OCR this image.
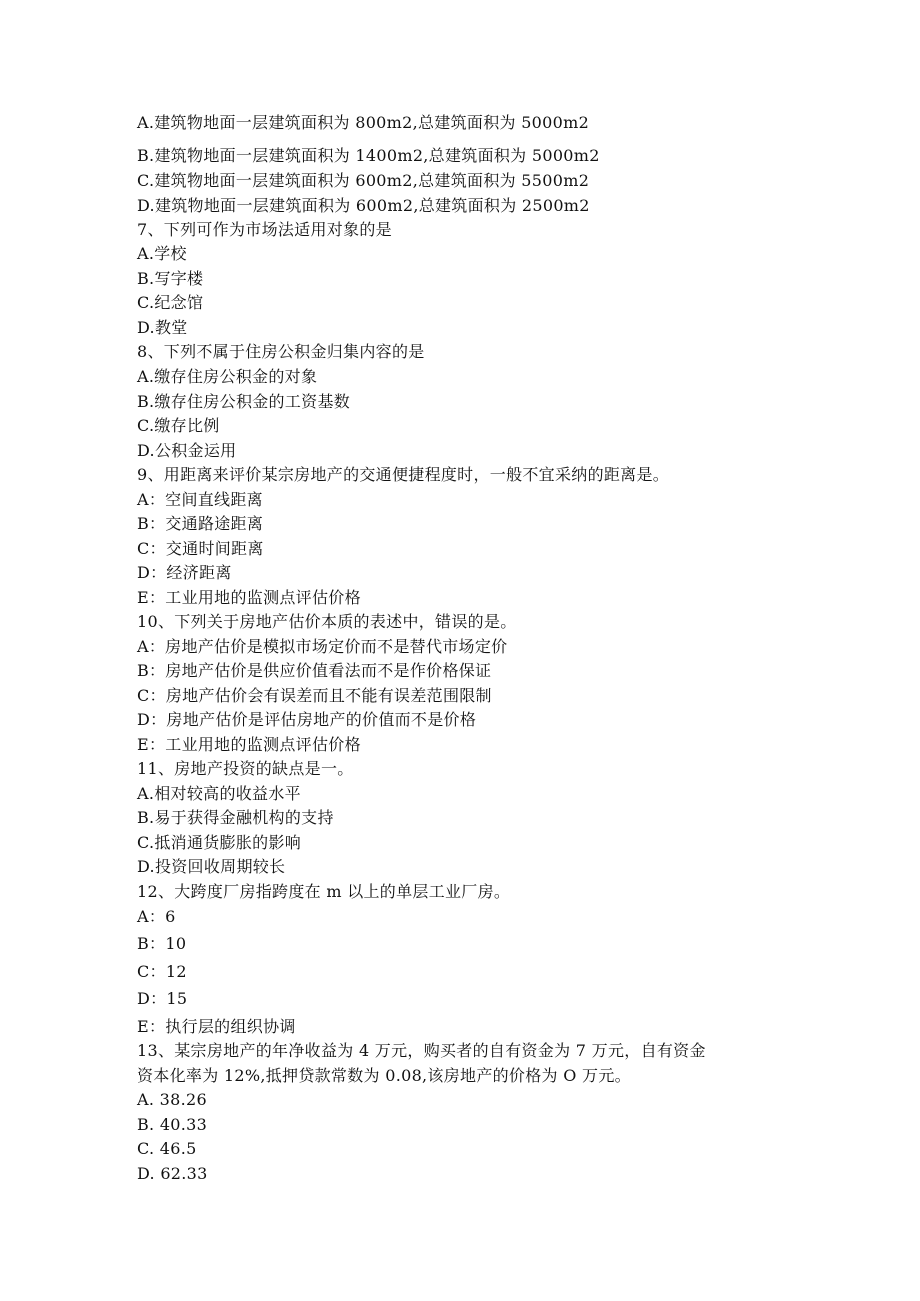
A.建筑物地面一层建筑面积为 800m2,总建筑面积为 5000m2
B.建筑物地面一层建筑面积为 1400m2,总建筑面积为 5000m2
C.建筑物地面一层建筑面积为 600m2,总建筑面积为 5500m2
D.建筑物地面一层建筑面积为 600m2,总建筑面积为 2500m2
7、下列可作为市场法适用对象的是
A.学校
B.写字楼
C.纪念馆
D.教堂
8、下列不属于住房公积金归集内容的是
A.缴存住房公积金的对象
B.缴存住房公积金的工资基数
C.缴存比例
D.公积金运用
9、用距离来评价某宗房地产的交通便捷程度时，一般不宜采纳的距离是。
A：空间直线距离
B：交通路途距离
C：交通时间距离
D：经济距离
E：工业用地的监测点评估价格
10、下列关于房地产估价本质的表述中，错误的是。
A：房地产估价是模拟市场定价而不是替代市场定价
B：房地产估价是供应价值看法而不是作价格保证
C：房地产估价会有误差而且不能有误差范围限制
D：房地产估价是评估房地产的价值而不是价格
E：工业用地的监测点评估价格
11、房地产投资的缺点是一。
A.相对较高的收益水平
B.易于获得金融机构的支持
C.抵消通货膨胀的影响
D.投资回收周期较长
12、大跨度厂房指跨度在 m 以上的单层工业厂房。
A：6
B：10
C：12
D：15
E：执行层的组织协调
13、某宗房地产的年净收益为 4 万元，购买者的自有资金为 7 万元，自有资金
资本化率为 12%,抵押贷款常数为 0.08,该房地产的价格为 O 万元。
A. 38.26
B. 40.33
C. 46.5
D. 62.33
